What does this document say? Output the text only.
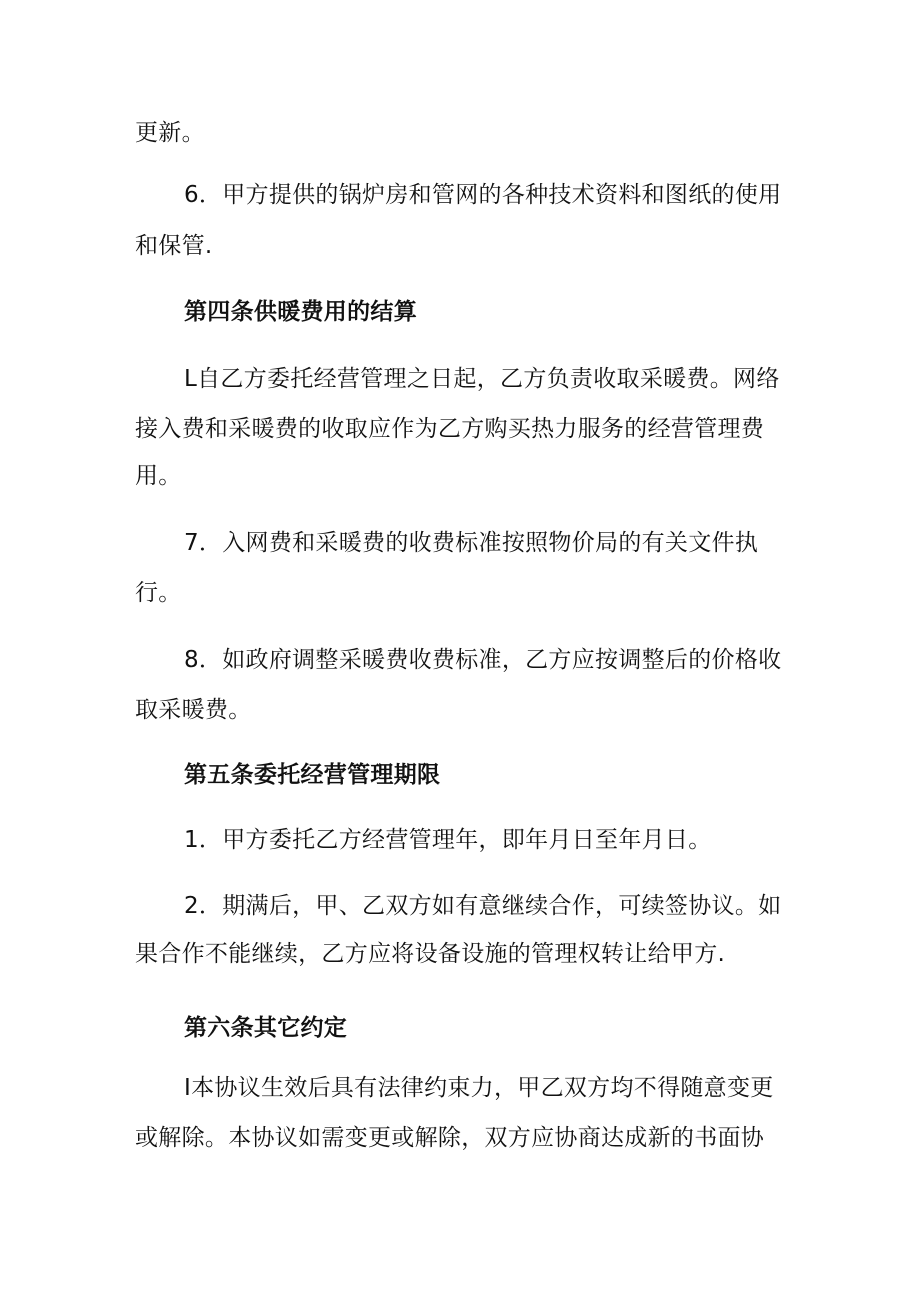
更新。
6．甲方提供的锅炉房和管网的各种技术资料和图纸的使用
和保管.
第四条供暖费用的结算
L自乙方委托经营管理之日起，乙方负责收取采暖费。网络
接入费和采暖费的收取应作为乙方购买热力服务的经营管理费
用。
7．入网费和采暖费的收费标准按照物价局的有关文件执
行。
8．如政府调整采暖费收费标准，乙方应按调整后的价格收
取采暖费。
第五条委托经营管理期限
1．甲方委托乙方经营管理年，即年月日至年月日。
2．期满后，甲、乙双方如有意继续合作，可续签协议。如
果合作不能继续，乙方应将设备设施的管理权转让给甲方.
第六条其它约定
I本协议生效后具有法律约束力，甲乙双方均不得随意变更
或解除。本协议如需变更或解除，双方应协商达成新的书面协
